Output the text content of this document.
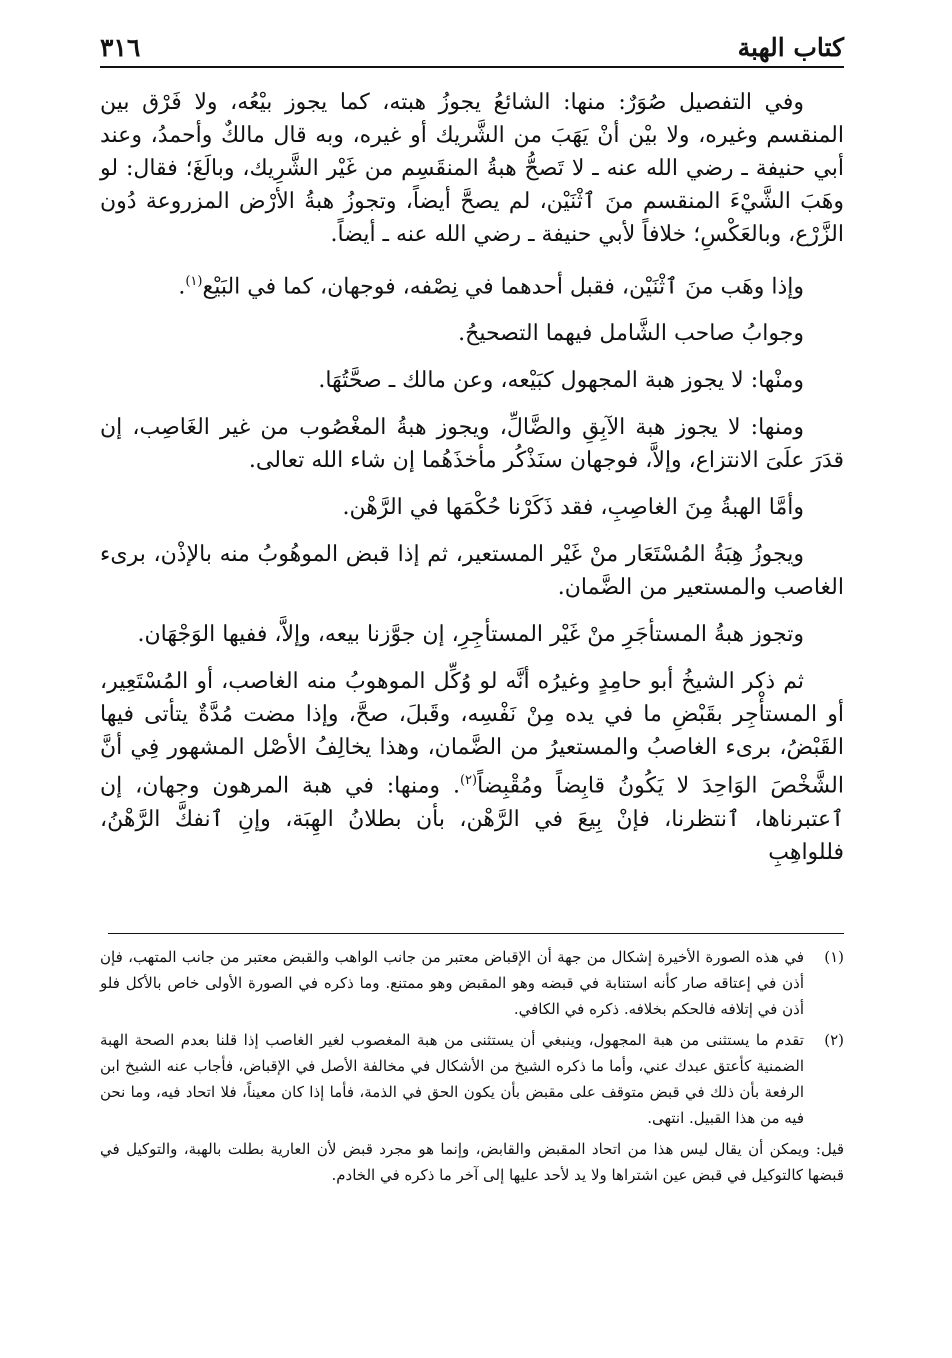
كتاب الهبة
٣١٦

وفي التفصيل صُوَرٌ: منها: الشائعُ يجوزُ هبته، كما يجوز بيْعُه، ولا فَرْق بين المنقسم وغيره، ولا بيْن أنْ يَهَبَ من الشَّريك أو غيره، وبه قال مالكٌ وأحمدُ، وعند أبي حنيفة ـ رضي الله عنه ـ لا تَصحُّ هبةُ المنقَسِم من غَيْر الشَّرِيك، وبالَغَ؛ فقال: لو وهَبَ الشَّيْءَ المنقسم منَ ٱثْنَيْن، لم يصحَّ أيضاً، وتجوزُ هبةُ الأرْض المزروعة دُون الزَّرْع، وبالعَكْسِ؛ خلافاً لأبي حنيفة ـ رضي الله عنه ـ أيضاً.

وإذا وهَب منَ ٱثْنَيْن، فقبل أحدهما في نِصْفه، فوجهان، كما في البَيْع$^{(١)}$.

وجوابُ صاحب الشَّامل فيهما التصحيحُ.

ومنْها: لا يجوز هبة المجهول كبَيْعه، وعن مالك ـ صحَّتُهَا.

ومنها: لا يجوز هبة الآبِقِ والضَّالِّ، ويجوز هبةُ المغْصُوب من غير الغَاصِب، إن قدَرَ علَىَ الانتزاع، وإلاَّ، فوجهان سنَذْكُر مأخذَهُما إن شاء الله تعالى.

وأمَّا الهبةُ مِنَ الغاصِبِ، فقد ذَكَرْنا حُكْمَها في الرَّهْن.

ويجوزُ هِبَةُ المُسْتَعَار منْ غَيْر المستعير، ثم إذا قبض الموهُوبُ منه بالإذْن، برىء الغاصب والمستعير من الضَّمان.

وتجوز هبةُ المستأجَرِ منْ غَيْر المستأجِرِ، إن جوَّزنا بيعه، وإلاَّ، ففيها الوَجْهَان.

ثم ذكر الشيخُ أبو حامِدٍ وغيرُه أنَّه لو وُكِّل الموهوبُ منه الغاصب، أو المُسْتَعِير، أو المستأْجِر بقَبْضِ ما في يده مِنْ نَفْسِه، وقَبلَ، صحَّ، وإذا مضت مُدَّةٌ يتأتى فيها القَبْضُ، برىء الغاصبُ والمستعيرُ من الضَّمان، وهذا يخالِفُ الأصْل المشهور فِي أنَّ الشَّخْصَ الوَاحِدَ لا يَكُونُ قابِضاً ومُقْبِضاً$^{(٢)}$. ومنها: في هبة المرهون وجهان، إن ٱعتبرناها، ٱنتظرنا، فإنْ بِيعَ في الرَّهْن، بأن بطلانُ الهِبَة، وإنِ ٱنفكَّ الرَّهْنُ، فللواهِبِ

(١)
في هذه الصورة الأخيرة إشكال من جهة أن الإقباض معتبر من جانب الواهب والقبض معتبر من جانب المتهب، فإن أذن في إعتاقه صار كأنه استنابة في قبضه وهو المقبض وهو ممتنع. وما ذكره في الصورة الأولى خاص بالأكل فلو أذن في إتلافه فالحكم بخلافه. ذكره في الكافي.
(٢)
تقدم ما يستثنى من هبة المجهول، وينبغي أن يستثنى من هبة المغصوب لغير الغاصب إذا قلنا بعدم الصحة الهبة الضمنية كأعتق عبدك عني، وأما ما ذكره الشيخ من الأشكال في مخالفة الأصل في الإقباض، فأجاب عنه الشيخ ابن الرفعة بأن ذلك في قبض متوقف على مقبض بأن يكون الحق في الذمة، فأما إذا كان معيناً، فلا اتحاد فيه، وما نحن فيه من هذا القبيل. انتهى.
قيل: ويمكن أن يقال ليس هذا من اتحاد المقبض والقابض، وإنما هو مجرد قبض لأن العارية بطلت بالهبة، والتوكيل في قبضها كالتوكيل في قبض عين اشتراها ولا يد لأحد عليها إلى آخر ما ذكره في الخادم.
